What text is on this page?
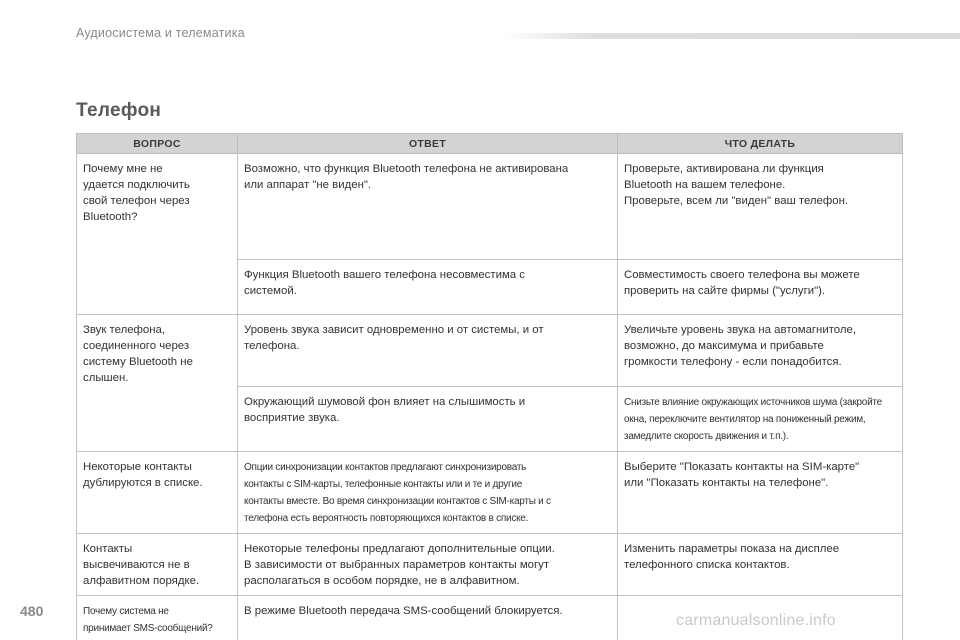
Аудиосистема и телематика
Телефон
ВОПРОС	ОТВЕТ	ЧТО ДЕЛАТЬ
Почему мне не
удается подключить
свой телефон через
Bluetooth?	Возможно, что функция Bluetooth телефона не активирована
или аппарат "не виден".	Проверьте, активирована ли функция
Bluetooth на вашем телефоне.
Проверьте, всем ли "виден" ваш телефон.
	Функция Bluetooth вашего телефона несовместима с
системой.	Совместимость своего телефона вы можете
проверить на сайте фирмы ("услуги").
Звук телефона,
соединенного через
систему Bluetooth не
слышен.	Уровень звука зависит одновременно и от системы, и от
телефона.	Увеличьте уровень звука на автомагнитоле,
возможно, до максимума и прибавьте
громкости телефону - если понадобится.
	Окружающий шумовой фон влияет на слышимость и
восприятие звука.	Снизьте влияние окружающих источников шума (закройте
окна, переключите вентилятор на пониженный режим,
замедлите скорость движения и т.п.).
Некоторые контакты
дублируются в списке.	Опции синхронизации контактов предлагают синхронизировать
контакты с SIM-карты, телефонные контакты или и те и другие
контакты вместе. Во время синхронизации контактов с SIM-карты и с
телефона есть вероятность повторяющихся контактов в списке.	Выберите "Показать контакты на SIM-карте"
или "Показать контакты на телефоне".
Контакты
высвечиваются не в
алфавитном порядке.	Некоторые телефоны предлагают дополнительные опции.
В зависимости от выбранных параметров контакты могут
располагаться в особом порядке, не в алфавитном.	Изменить параметры показа на дисплее
телефонного списка контактов.
Почему система не
принимает SMS-сообщений?	В режиме Bluetooth передача SMS-сообщений блокируется.	
480
carmanualsonline.info
